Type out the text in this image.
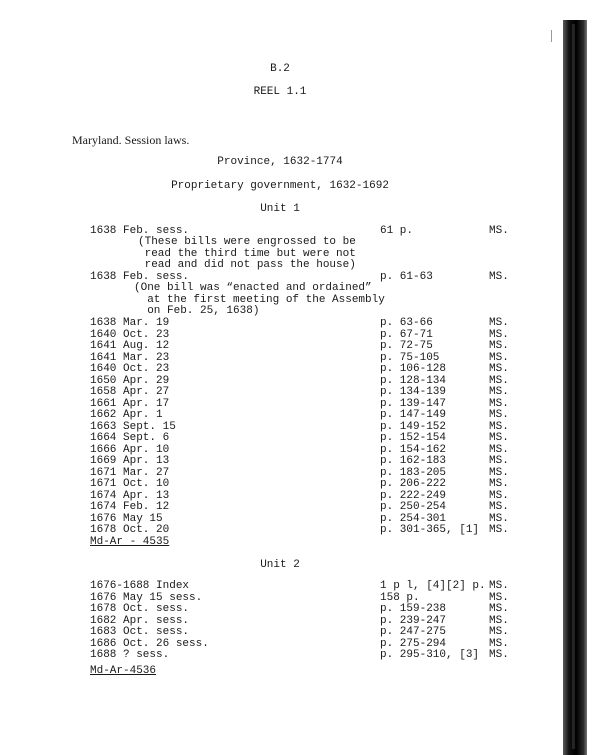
B.2
REEL 1.1
Maryland. Session laws.
Province, 1632-1774
Proprietary government, 1632-1692
Unit 1
1638 Feb. sess.	61 p.	MS.
(These bills were engrossed to be
read the third time but were not
read and did not pass the house)
1638 Feb. sess.	p. 61-63	MS.
(One bill was “enacted and ordained”
at the first meeting of the Assembly
on Feb. 25, 1638)
1638 Mar. 19	p. 63-66	MS.
1640 Oct. 23	p. 67-71	MS.
1641 Aug. 12	p. 72-75	MS.
1641 Mar. 23	p. 75-105	MS.
1640 Oct. 23	p. 106-128	MS.
1650 Apr. 29	p. 128-134	MS.
1658 Apr. 27	p. 134-139	MS.
1661 Apr. 17	p. 139-147	MS.
1662 Apr. 1	p. 147-149	MS.
1663 Sept. 15	p. 149-152	MS.
1664 Sept. 6	p. 152-154	MS.
1666 Apr. 10	p. 154-162	MS.
1669 Apr. 13	p. 162-183	MS.
1671 Mar. 27	p. 183-205	MS.
1671 Oct. 10	p. 206-222	MS.
1674 Apr. 13	p. 222-249	MS.
1674 Feb. 12	p. 250-254	MS.
1676 May 15	p. 254-301	MS.
1678 Oct. 20	p. 301-365, [1] MS.
Md-Ar - 4535
Unit 2
1676-1688 Index	1 p l, [4][2] p. MS.
1676 May 15 sess.	158 p.	MS.
1678 Oct. sess.	p. 159-238	MS.
1682 Apr. sess.	p. 239-247	MS.
1683 Oct. sess.	p. 247-275	MS.
1686 Oct. 26 sess.	p. 275-294	MS.
1688 ? sess.	p. 295-310, [3] MS.
Md-Ar-4536
